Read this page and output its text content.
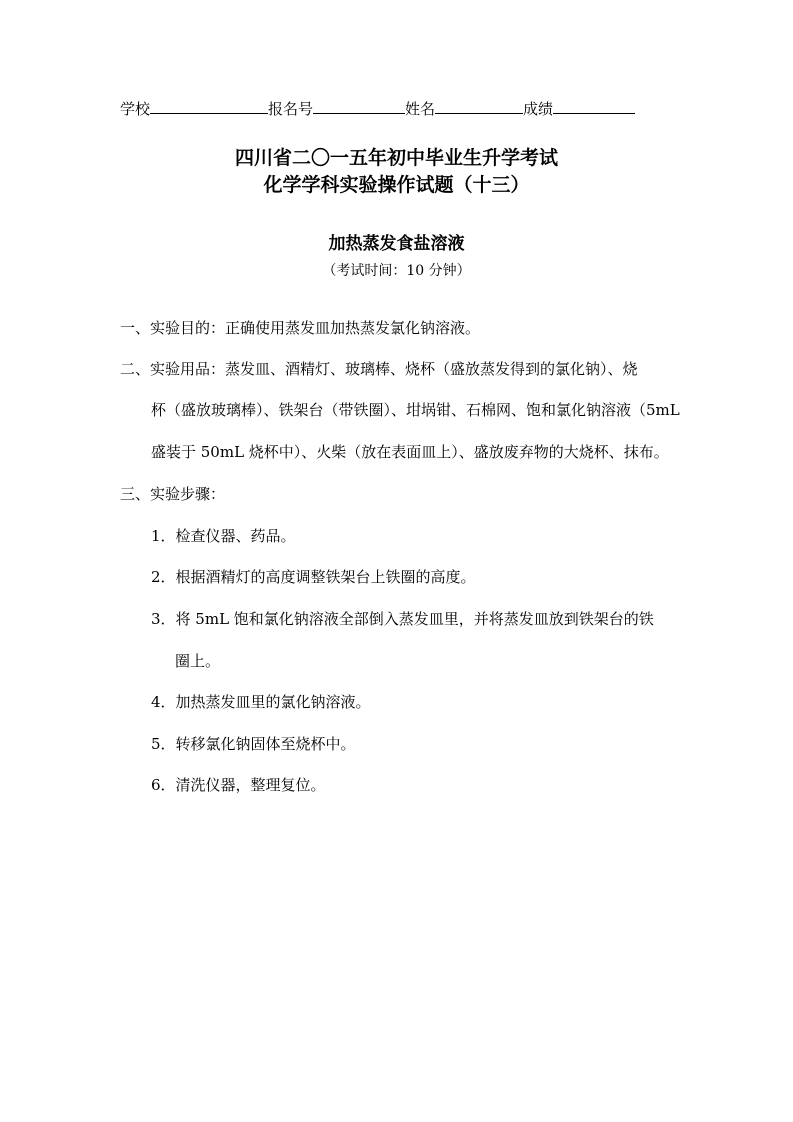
学校	报名号	姓名	成绩
四川省二〇一五年初中毕业生升学考试
化学学科实验操作试题（十三）
加热蒸发食盐溶液
（考试时间：10 分钟）
一、实验目的：正确使用蒸发皿加热蒸发氯化钠溶液。
二、实验用品：蒸发皿、酒精灯、玻璃棒、烧杯（盛放蒸发得到的氯化钠）、烧
杯（盛放玻璃棒）、铁架台（带铁圈）、坩埚钳、石棉网、饱和氯化钠溶液（5mL
盛装于 50mL 烧杯中）、火柴（放在表面皿上）、盛放废弃物的大烧杯、抹布。
三、实验步骤：
1．检查仪器、药品。
2．根据酒精灯的高度调整铁架台上铁圈的高度。
3．将 5mL 饱和氯化钠溶液全部倒入蒸发皿里，并将蒸发皿放到铁架台的铁
圈上。
4．加热蒸发皿里的氯化钠溶液。
5．转移氯化钠固体至烧杯中。
6．清洗仪器，整理复位。
